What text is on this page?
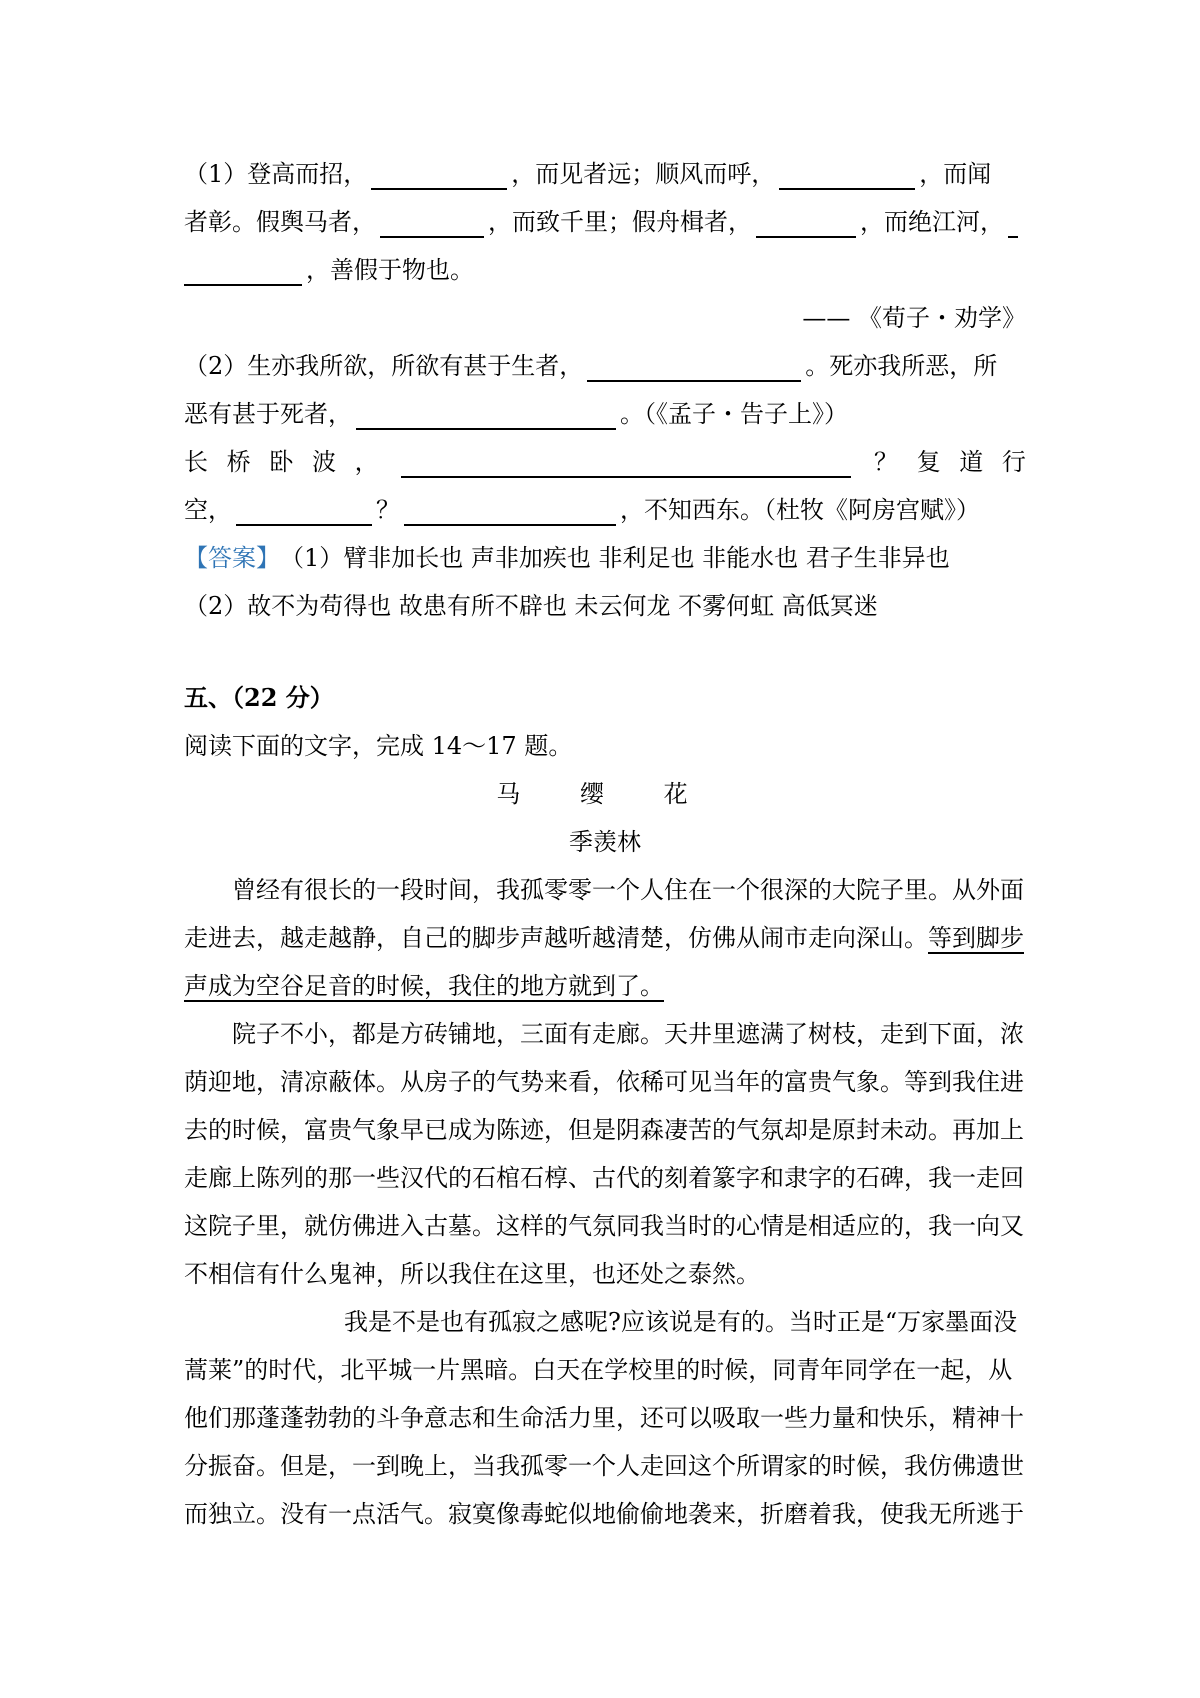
（1）登高而招，	，而见者远；顺风而呼，	，而闻
者彰。假舆马者，	，而致千里；假舟楫者，	，而绝江河，
，善假于物也。
—— 《荀子・劝学》
（2）生亦我所欲，所欲有甚于生者，	。死亦我所恶，所
恶有甚于死者，	。（《孟子・告子上》）
长 桥 卧 波 ，	？ 复 道 行
空，	？	，不知西东。（杜牧《阿房宫赋》）
【答案】 （1）臂非加长也 声非加疾也 非利足也 非能水也 君子生非异也
（2）故不为苟得也 故患有所不辟也 未云何龙 不雾何虹 高低冥迷
五、（22 分）
阅读下面的文字，完成 14～17 题。
马 缨 花
季羡林
曾经有很长的一段时间，我孤零零一个人住在一个很深的大院子里。从外面
走进去，越走越静，自己的脚步声越听越清楚，仿佛从闹市走向深山。 等到脚步
声成为空谷足音的时候，我住的地方就到了。
院子不小，都是方砖铺地，三面有走廊。天井里遮满了树枝，走到下面，浓
荫迎地，清凉蔽体。从房子的气势来看，依稀可见当年的富贵气象。等到我住进
去的时候，富贵气象早已成为陈迹，但是阴森凄苦的气氛却是原封未动。再加上
走廊上陈列的那一些汉代的石棺石椁、古代的刻着篆字和隶字的石碑，我一走回
这院子里，就仿佛进入古墓。这样的气氛同我当时的心情是相适应的，我一向又
不相信有什么鬼神，所以我住在这里，也还处之泰然。
我是不是也有孤寂之感呢?应该说是有的。当时正是“万家墨面没
蒿莱”的时代，北平城一片黑暗。白天在学校里的时候，同青年同学在一起，从
他们那蓬蓬勃勃的斗争意志和生命活力里，还可以吸取一些力量和快乐，精神十
分振奋。但是，一到晚上，当我孤零一个人走回这个所谓家的时候，我仿佛遗世
而独立。没有一点活气。寂寞像毒蛇似地偷偷地袭来，折磨着我，使我无所逃于
